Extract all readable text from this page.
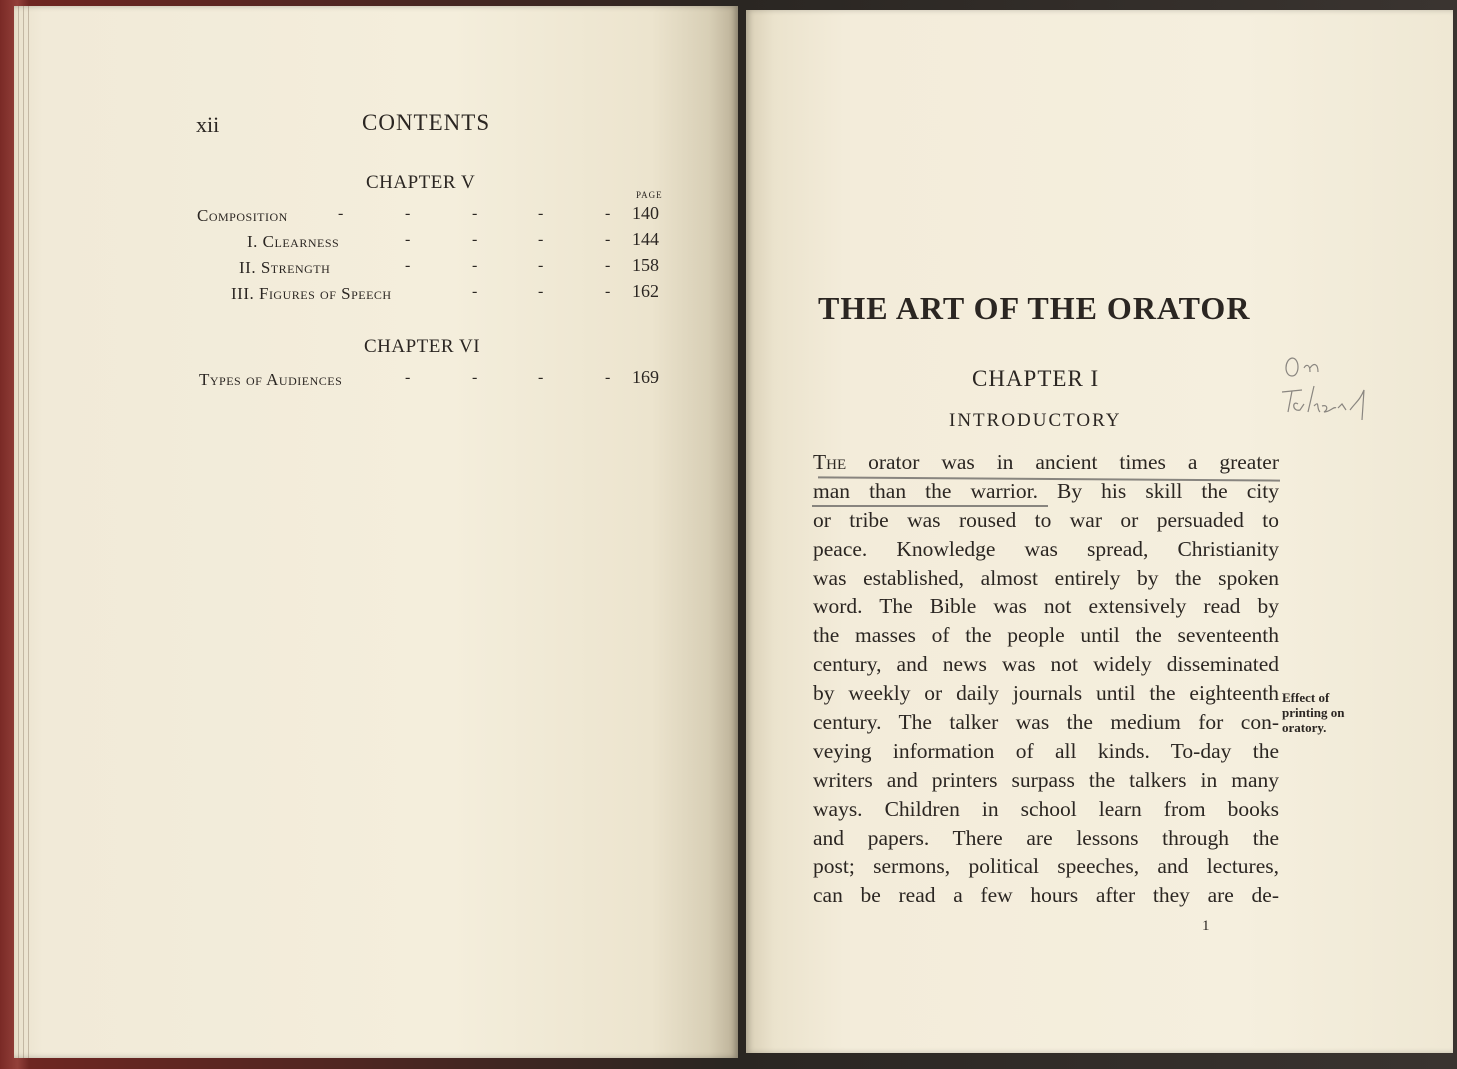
xii	CONTENTS
CHAPTER V
PAGE
Composition	-	-	-	-	- 140
I. Clearness	-	-	-	- 144
II. Strength	-	-	-	- 158
III. Figures of Speech	-	-	- 162
CHAPTER VI
Types of Audiences	-	-	-	- 169
THE ART OF THE ORATOR
CHAPTER I
INTRODUCTORY
The orator was in ancient times a greater
man than the warrior. By his skill the city
or tribe was roused to war or persuaded to
peace. Knowledge was spread, Christianity
was established, almost entirely by the spoken
word. The Bible was not extensively read by
the masses of the people until the seventeenth
century, and news was not widely disseminated
by weekly or daily journals until the eighteenth
century. The talker was the medium for con-
veying information of all kinds. To-day the
writers and printers surpass the talkers in many
ways. Children in school learn from books
and papers. There are lessons through the
post; sermons, political speeches, and lectures,
can be read a few hours after they are de-
Effect of printing on oratory.
1
